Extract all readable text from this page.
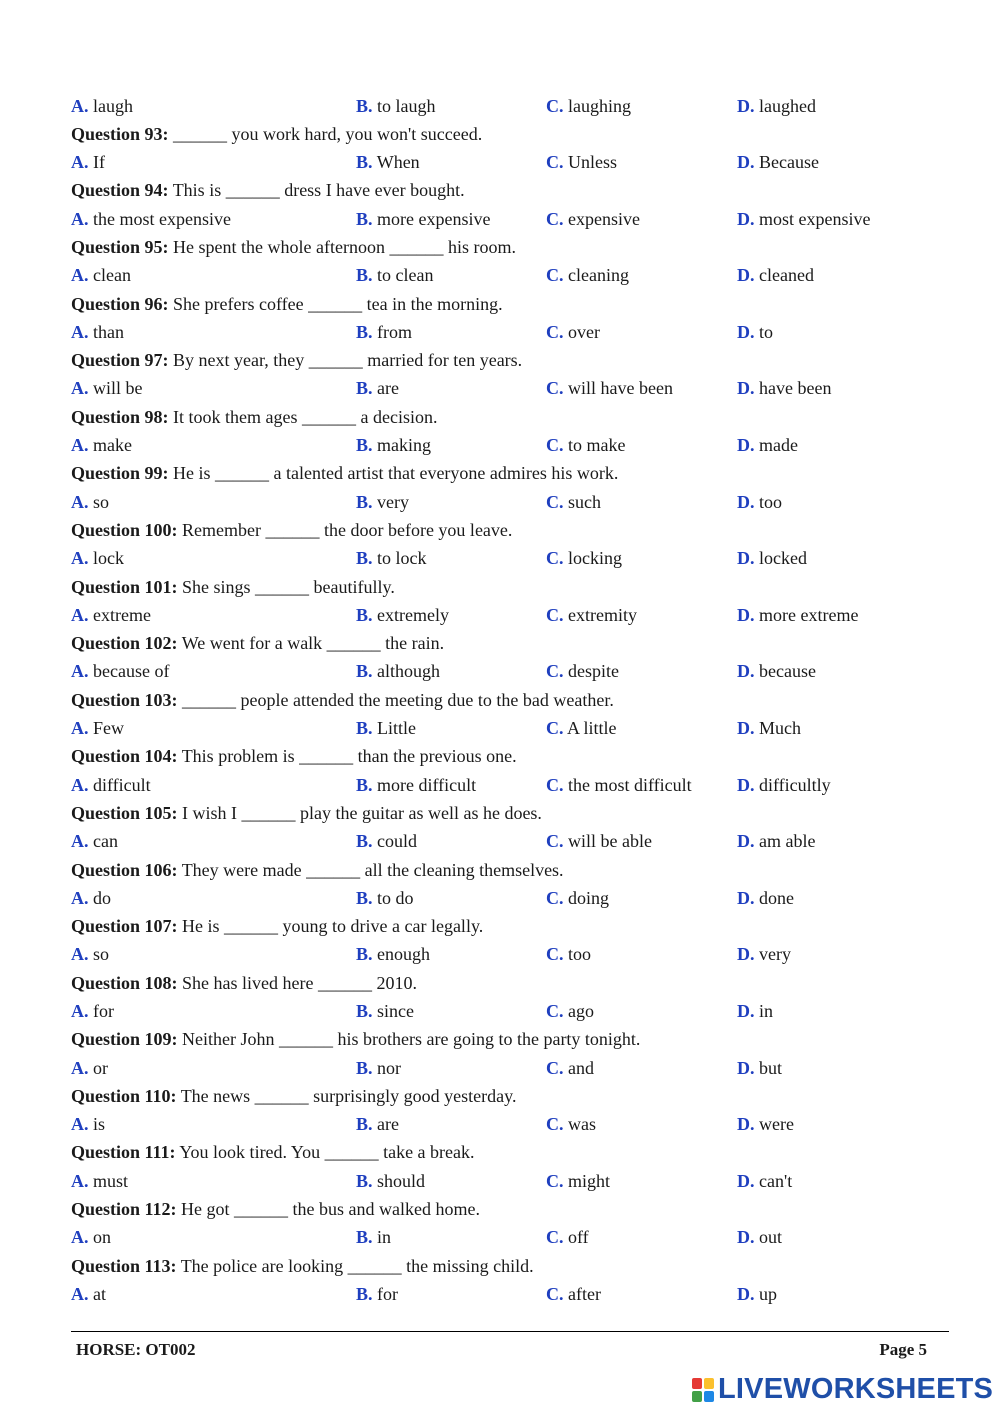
A. laugh	B. to laugh	C. laughing	D. laughed
Question 93: ______ you work hard, you won't succeed.
A. If	B. When	C. Unless	D. Because
Question 94: This is ______ dress I have ever bought.
A. the most expensive	B. more expensive	C. expensive	D. most expensive
Question 95: He spent the whole afternoon ______ his room.
A. clean	B. to clean	C. cleaning	D. cleaned
Question 96: She prefers coffee ______ tea in the morning.
A. than	B. from	C. over	D. to
Question 97: By next year, they ______ married for ten years.
A. will be	B. are	C. will have been	D. have been
Question 98: It took them ages ______ a decision.
A. make	B. making	C. to make	D. made
Question 99: He is ______ a talented artist that everyone admires his work.
A. so	B. very	C. such	D. too
Question 100: Remember ______ the door before you leave.
A. lock	B. to lock	C. locking	D. locked
Question 101: She sings ______ beautifully.
A. extreme	B. extremely	C. extremity	D. more extreme
Question 102: We went for a walk ______ the rain.
A. because of	B. although	C. despite	D. because
Question 103: ______ people attended the meeting due to the bad weather.
A. Few	B. Little	C. A little	D. Much
Question 104: This problem is ______ than the previous one.
A. difficult	B. more difficult	C. the most difficult	D. difficultly
Question 105: I wish I ______ play the guitar as well as he does.
A. can	B. could	C. will be able	D. am able
Question 106: They were made ______ all the cleaning themselves.
A. do	B. to do	C. doing	D. done
Question 107: He is ______ young to drive a car legally.
A. so	B. enough	C. too	D. very
Question 108: She has lived here ______ 2010.
A. for	B. since	C. ago	D. in
Question 109: Neither John ______ his brothers are going to the party tonight.
A. or	B. nor	C. and	D. but
Question 110: The news ______ surprisingly good yesterday.
A. is	B. are	C. was	D. were
Question 111: You look tired. You ______ take a break.
A. must	B. should	C. might	D. can't
Question 112: He got ______ the bus and walked home.
A. on	B. in	C. off	D. out
Question 113: The police are looking ______ the missing child.
A. at	B. for	C. after	D. up
HORSE: OT002	Page 5
LIVEWORKSHEETS
